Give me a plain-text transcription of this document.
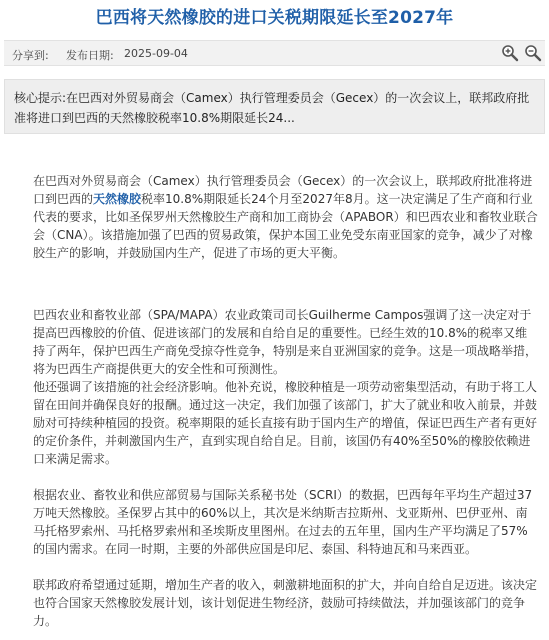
巴西将天然橡胶的进口关税期限延长至2027年
分享到: 发布日期: 2025-09-04
核心提示:在巴西对外贸易商会（Camex）执行管理委员会（Gecex）的一次会议上，联邦政府批准将进口到巴西的天然橡胶税率10.8%期限延长24...

在巴西对外贸易商会（Camex）执行管理委员会（Gecex）的一次会议上，联邦政府批准将进口到巴西的天然橡胶税率10.8%期限延长24个月至2027年8月。这一决定满足了生产商和行业代表的要求，比如圣保罗州天然橡胶生产商和加工商协会（APABOR）和巴西农业和畜牧业联合会（CNA）。该措施加强了巴西的贸易政策，保护本国工业免受东南亚国家的竞争，减少了对橡胶生产的影响，并鼓励国内生产，促进了市场的更大平衡。

巴西农业和畜牧业部（SPA/MAPA）农业政策司司长Guilherme Campos强调了这一决定对于提高巴西橡胶的价值、促进该部门的发展和自给自足的重要性。已经生效的10.8%的税率又维持了两年，保护巴西生产商免受掠夺性竞争，特别是来自亚洲国家的竞争。这是一项战略举措，将为巴西生产商提供更大的安全性和可预测性。

他还强调了该措施的社会经济影响。他补充说，橡胶种植是一项劳动密集型活动，有助于将工人留在田间并确保良好的报酬。通过这一决定，我们加强了该部门，扩大了就业和收入前景，并鼓励对可持续种植园的投资。税率期限的延长直接有助于国内生产的增值，保证巴西生产者有更好的定价条件，并刺激国内生产，直到实现自给自足。目前，该国仍有40%至50%的橡胶依赖进口来满足需求。

根据农业、畜牧业和供应部贸易与国际关系秘书处（SCRI）的数据，巴西每年平均生产超过37万吨天然橡胶。圣保罗占其中的60%以上，其次是米纳斯吉拉斯州、戈亚斯州、巴伊亚州、南马托格罗索州、马托格罗索州和圣埃斯皮里图州。在过去的五年里，国内生产平均满足了57%的国内需求。在同一时期，主要的外部供应国是印尼、泰国、科特迪瓦和马来西亚。

联邦政府希望通过延期，增加生产者的收入，刺激耕地面积的扩大，并向自给自足迈进。该决定也符合国家天然橡胶发展计划，该计划促进生物经济，鼓励可持续做法，并加强该部门的竞争力。
